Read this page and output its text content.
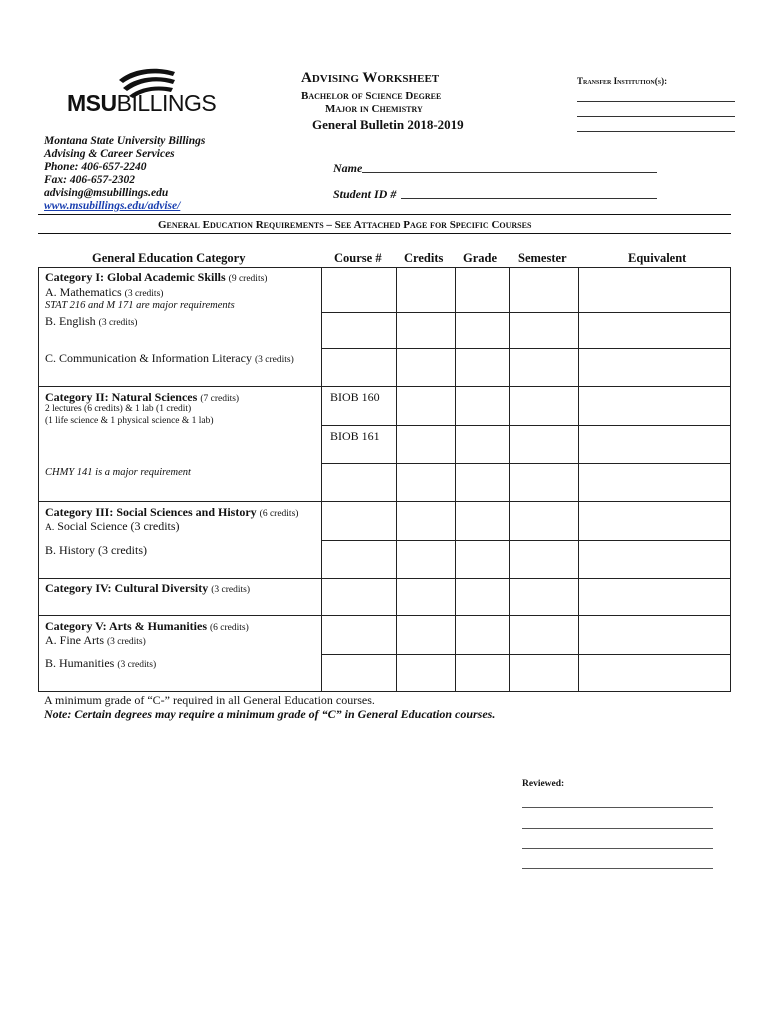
MSUBILLINGS
Montana State University Billings
Advising & Career Services
Phone: 406-657-2240
Fax: 406-657-2302
advising@msubillings.edu
www.msubillings.edu/advise/
Advising Worksheet
Bachelor of Science Degree
Major in Chemistry
General Bulletin 2018-2019
Transfer Institution(s):
Name
Student ID #
General Education Requirements – See Attached Page for Specific Courses
General Education Category	Course # Credits Grade Semester	Equivalent
Category I: Global Academic Skills (9 credits)
A. Mathematics (3 credits)
STAT 216 and M 171 are major requirements
B. English (3 credits)
C. Communication & Information Literacy (3 credits)
Category II: Natural Sciences (7 credits)
2 lectures (6 credits) & 1 lab (1 credit)
(1 life science & 1 physical science & 1 lab)
BIOB 160
BIOB 161
CHMY 141 is a major requirement
Category III: Social Sciences and History (6 credits)
A. Social Science (3 credits)
B. History (3 credits)
Category IV: Cultural Diversity (3 credits)
Category V: Arts & Humanities (6 credits)
A. Fine Arts (3 credits)
B. Humanities (3 credits)
A minimum grade of “C-” required in all General Education courses.
Note: Certain degrees may require a minimum grade of “C” in General Education courses.
Reviewed:
